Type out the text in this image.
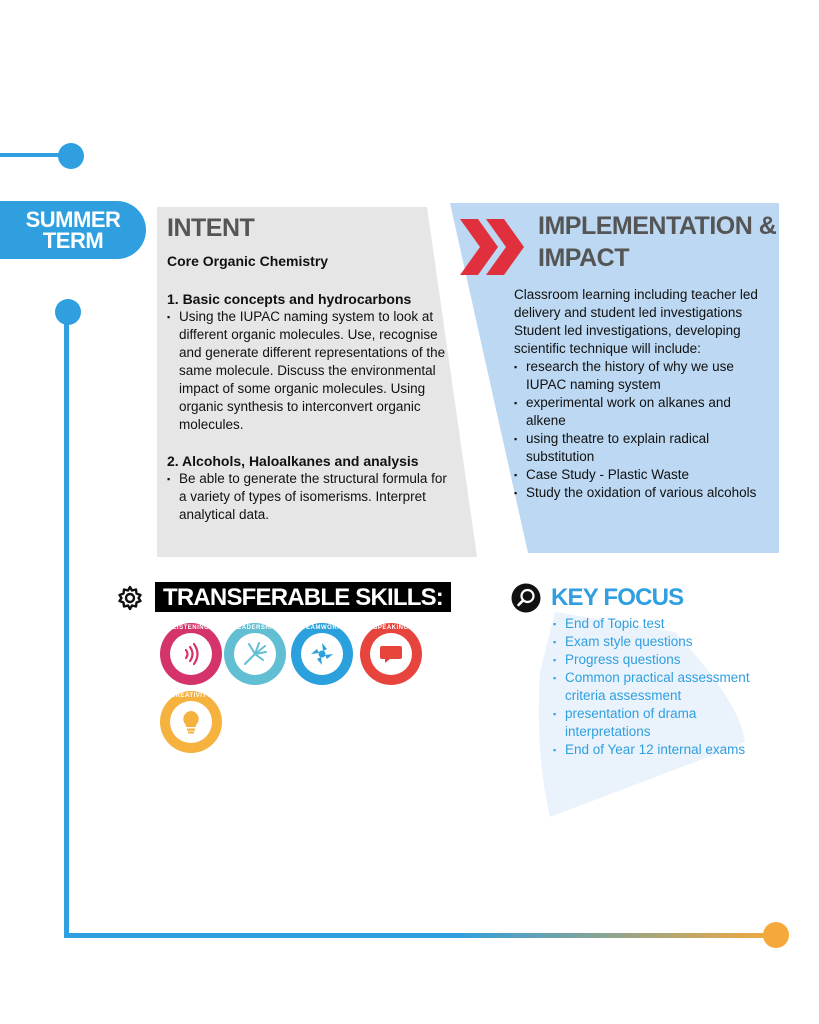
SUMMER
TERM	INTENT
Core Organic Chemistry
1. Basic concepts and hydrocarbons
▪ Using the IUPAC naming system to look at different organic molecules. Use, recognise and generate different representations of the same molecule. Discuss the environmental impact of some organic molecules. Using organic synthesis to interconvert organic molecules.
2. Alcohols, Haloalkanes and analysis
▪ Be able to generate the structural formula for a variety of types of isomerisms. Interpret analytical data.
IMPLEMENTATION &
IMPACT

Classroom learning including teacher led delivery and student led investigations

Student led investigations, developing scientific technique will include:

▪ research the history of why we use IUPAC naming system
▪ experimental work on alkanes and alkene
▪ using theatre to explain radical substitution
▪ Case Study - Plastic Waste
▪ Study the oxidation of various alcohols
TRANSFERABLE SKILLS:
LISTENING	LEADERSHIP	TEAMWORK	SPEAKING
CREATIVITY
KEY FOCUS
▪ End of Topic test
▪ Exam style questions
▪ Progress questions
▪ Common practical assessment criteria assessment
▪ presentation of drama interpretations
▪ End of Year 12 internal exams
